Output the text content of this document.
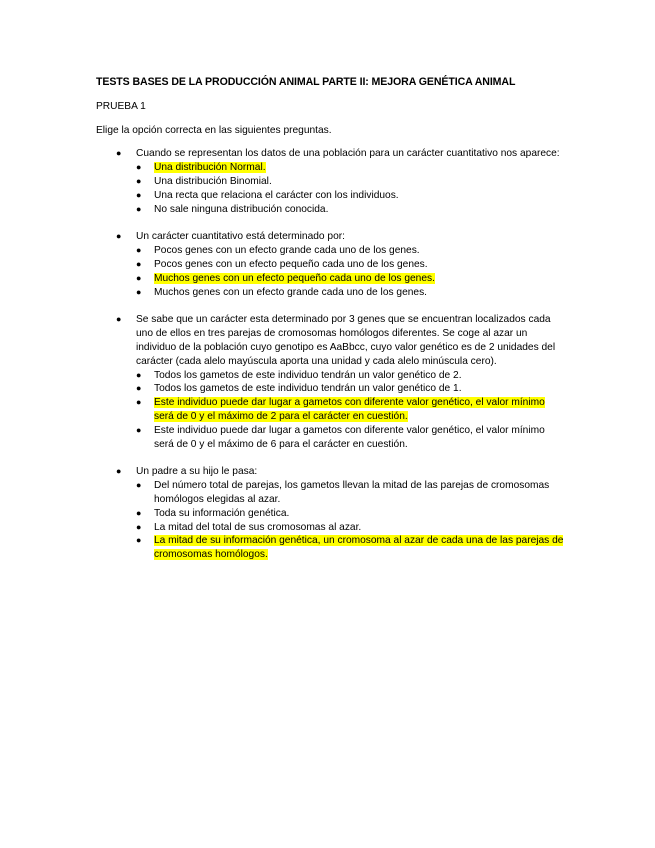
TESTS BASES DE LA PRODUCCIÓN ANIMAL PARTE II: MEJORA GENÉTICA ANIMAL
PRUEBA 1
Elige la opción correcta en las siguientes preguntas.
● Cuando se representan los datos de una población para un carácter cuantitativo nos aparece:
● Una distribución Normal.
● Una distribución Binomial.
● Una recta que relaciona el carácter con los individuos.
● No sale ninguna distribución conocida.
● Un carácter cuantitativo está determinado por:
● Pocos genes con un efecto grande cada uno de los genes.
● Pocos genes con un efecto pequeño cada uno de los genes.
● Muchos genes con un efecto pequeño cada uno de los genes.
● Muchos genes con un efecto grande cada uno de los genes.
● Se sabe que un carácter esta determinado por 3 genes que se encuentran localizados cada uno de ellos en tres parejas de cromosomas homólogos diferentes. Se coge al azar un individuo de la población cuyo genotipo es AaBbcc, cuyo valor genético es de 2 unidades del carácter (cada alelo mayúscula aporta una unidad y cada alelo minúscula cero).
● Todos los gametos de este individuo tendrán un valor genético de 2.
● Todos los gametos de este individuo tendrán un valor genético de 1.
● Este individuo puede dar lugar a gametos con diferente valor genético, el valor mínimo será de 0 y el máximo de 2 para el carácter en cuestión.
● Este individuo puede dar lugar a gametos con diferente valor genético, el valor mínimo será de 0 y el máximo de 6 para el carácter en cuestión.
● Un padre a su hijo le pasa:
● Del número total de parejas, los gametos llevan la mitad de las parejas de cromosomas homólogos elegidas al azar.
● Toda su información genética.
● La mitad del total de sus cromosomas al azar.
● La mitad de su información genética, un cromosoma al azar de cada una de las parejas de cromosomas homólogos.
